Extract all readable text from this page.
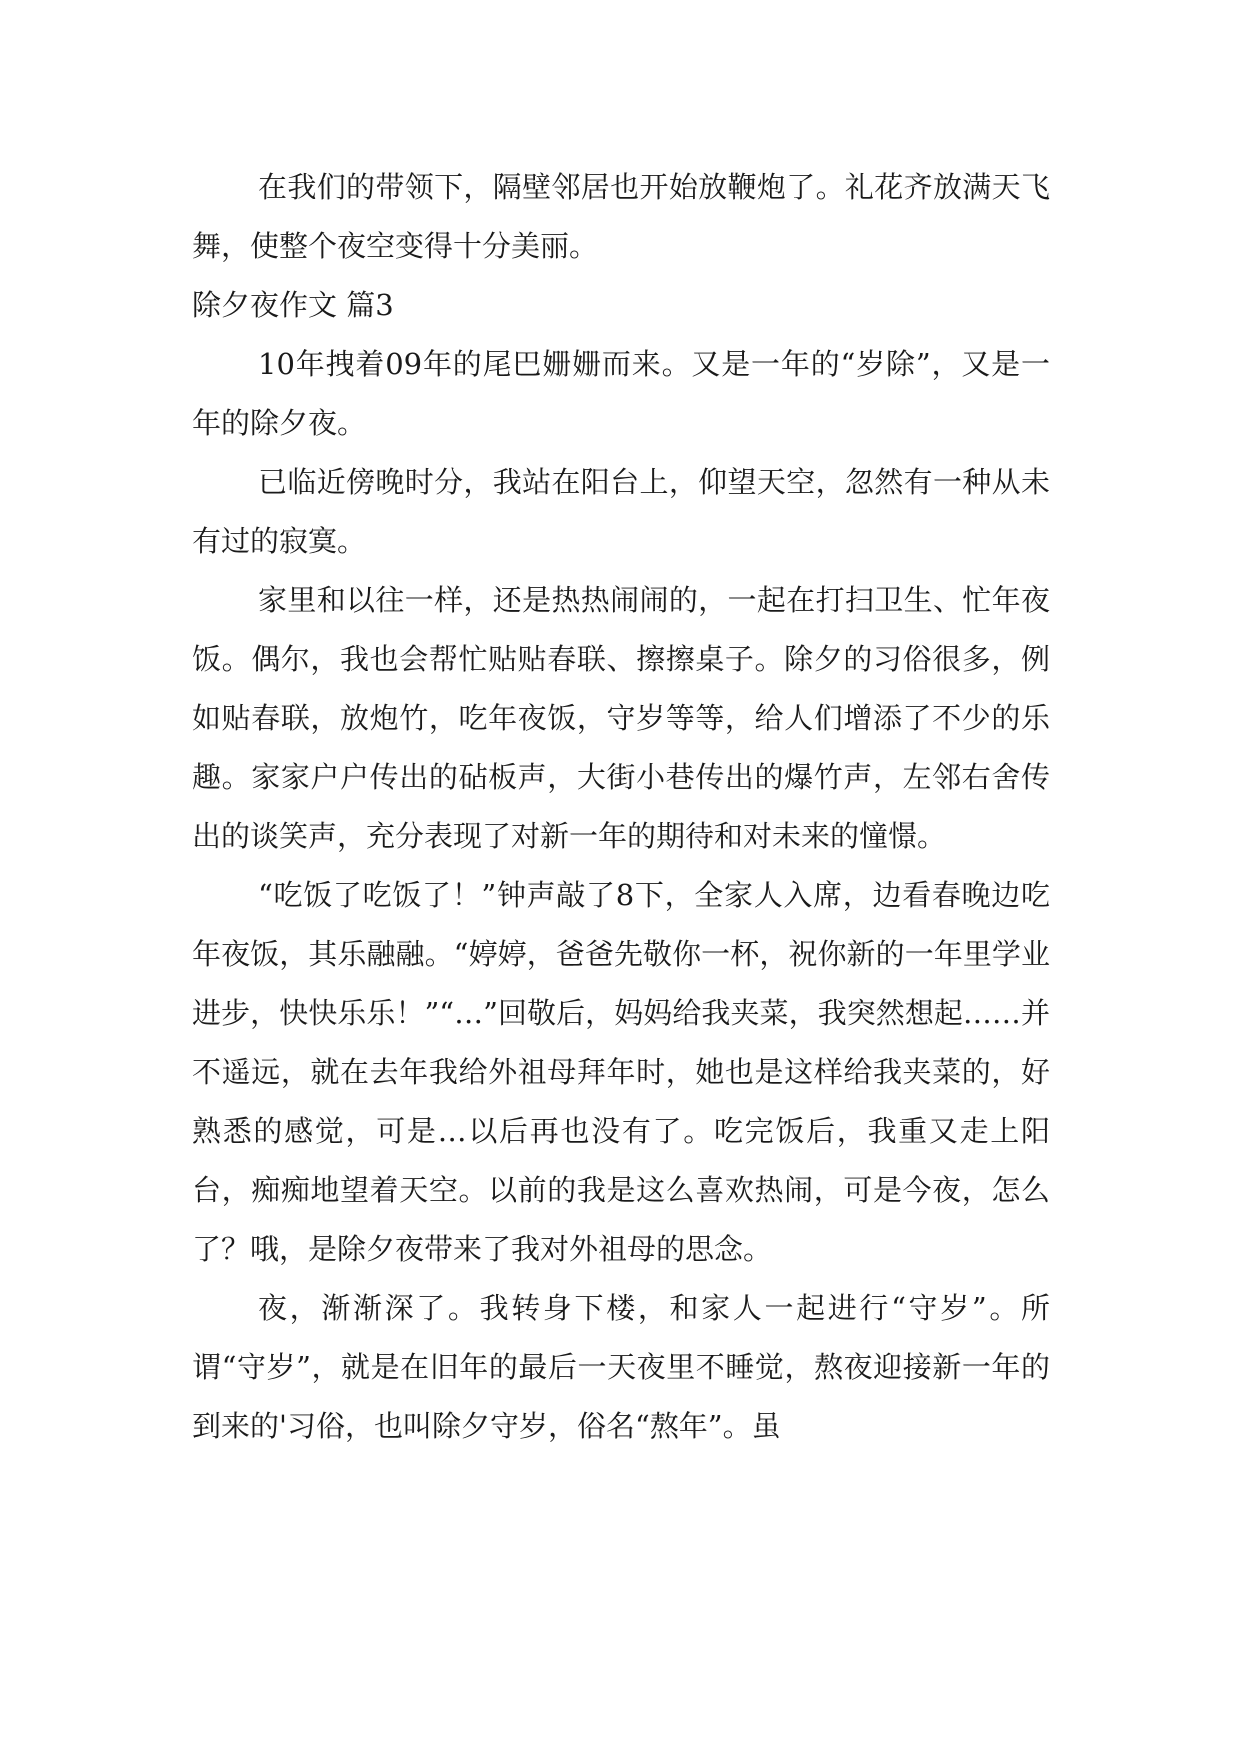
在我们的带领下，隔壁邻居也开始放鞭炮了。礼花齐放满天飞舞，使整个夜空变得十分美丽。

除夕夜作文 篇3

10年拽着09年的尾巴姗姗而来。又是一年的“岁除”，又是一年的除夕夜。

已临近傍晚时分，我站在阳台上，仰望天空，忽然有一种从未有过的寂寞。

家里和以往一样，还是热热闹闹的，一起在打扫卫生、忙年夜饭。偶尔，我也会帮忙贴贴春联、擦擦桌子。除夕的习俗很多，例如贴春联，放炮竹，吃年夜饭，守岁等等，给人们增添了不少的乐趣。家家户户传出的砧板声，大街小巷传出的爆竹声，左邻右舍传出的谈笑声，充分表现了对新一年的期待和对未来的憧憬。

“吃饭了吃饭了！”钟声敲了8下，全家人入席，边看春晚边吃年夜饭，其乐融融。“婷婷，爸爸先敬你一杯，祝你新的一年里学业进步，快快乐乐！”“…”回敬后，妈妈给我夹菜，我突然想起……并不遥远，就在去年我给外祖母拜年时，她也是这样给我夹菜的，好熟悉的感觉，可是…以后再也没有了。吃完饭后，我重又走上阳台，痴痴地望着天空。以前的我是这么喜欢热闹，可是今夜，怎么了？哦，是除夕夜带来了我对外祖母的思念。

夜，渐渐深了。我转身下楼，和家人一起进行“守岁”。所谓“守岁”，就是在旧年的最后一天夜里不睡觉，熬夜迎接新一年的到来的'习俗，也叫除夕守岁，俗名“熬年”。虽
